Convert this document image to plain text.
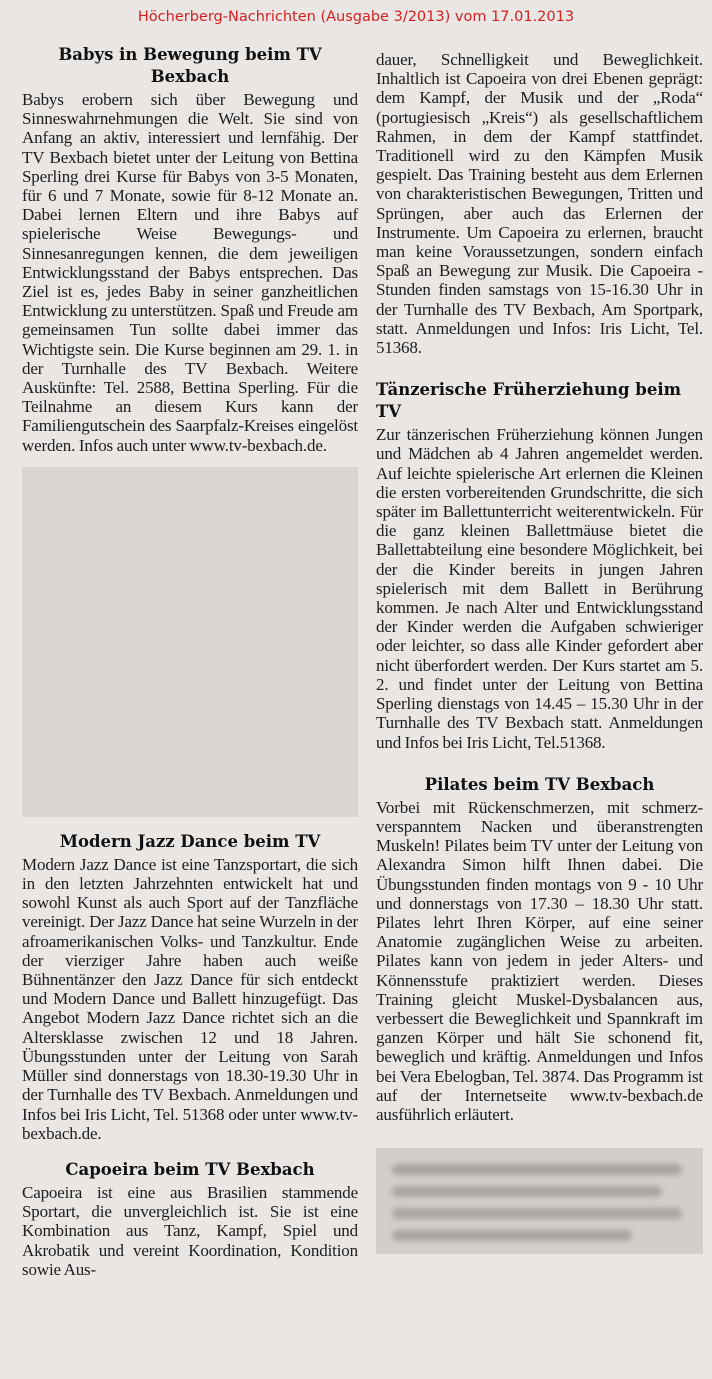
Höcherberg-Nachrichten (Ausgabe 3/2013) vom 17.01.2013
Babys in Bewegung beim TV Bexbach

Babys erobern sich über Bewegung und Sinneswahrnehmungen die Welt. Sie sind von Anfang an aktiv, interessiert und lernfähig. Der TV Bexbach bietet unter der Leitung von Bettina Sperling drei Kurse für Babys von 3-5 Monaten, für 6 und 7 Monate, sowie für 8-12 Monate an. Dabei lernen Eltern und ihre Babys auf spielerische Weise Bewegungs- und Sinnesanregungen kennen, die dem jeweiligen Entwicklungsstand der Babys entsprechen. Das Ziel ist es, jedes Baby in seiner ganzheitlichen Entwicklung zu unterstützen. Spaß und Freude am gemeinsamen Tun sollte dabei immer das Wichtigste sein. Die Kurse beginnen am 29. 1. in der Turnhalle des TV Bexbach. Weitere Auskünfte: Tel. 2588, Bettina Sperling. Für die Teilnahme an diesem Kurs kann der Familiengutschein des Saarpfalz-Kreises eingelöst werden. Infos auch unter www.tv-bexbach.de.

Modern Jazz Dance beim TV

Modern Jazz Dance ist eine Tanzsportart, die sich in den letzten Jahrzehnten entwickelt hat und sowohl Kunst als auch Sport auf der Tanzfläche vereinigt. Der Jazz Dance hat seine Wurzeln in der afroamerikanischen Volks- und Tanzkultur. Ende der vierziger Jahre haben auch weiße Bühnentänzer den Jazz Dance für sich entdeckt und Modern Dance und Ballett hinzugefügt. Das Angebot Modern Jazz Dance richtet sich an die Altersklasse zwischen 12 und 18 Jahren. Übungsstunden unter der Leitung von Sarah Müller sind donnerstags von 18.30-19.30 Uhr in der Turnhalle des TV Bexbach. Anmeldungen und Infos bei Iris Licht, Tel. 51368 oder unter www.tv-bexbach.de.

Capoeira beim TV Bexbach

Capoeira ist eine aus Brasilien stammende Sportart, die unvergleichlich ist. Sie ist eine Kombination aus Tanz, Kampf, Spiel und Akrobatik und vereint Koordination, Kondition sowie Aus-

dauer, Schnelligkeit und Beweglichkeit. Inhaltlich ist Capoeira von drei Ebenen geprägt: dem Kampf, der Musik und der „Roda“ (portugiesisch „Kreis“) als gesellschaftlichem Rahmen, in dem der Kampf stattfindet. Traditionell wird zu den Kämpfen Musik gespielt. Das Training besteht aus dem Erlernen von charakteristischen Bewegungen, Tritten und Sprüngen, aber auch das Erlernen der Instrumente. Um Capoeira zu erlernen, braucht man keine Voraussetzungen, sondern einfach Spaß an Bewegung zur Musik. Die Capoeira - Stunden finden samstags von 15-16.30 Uhr in der Turnhalle des TV Bexbach, Am Sportpark, statt. Anmeldungen und Infos: Iris Licht, Tel. 51368.

Tänzerische Früherziehung beim TV

Zur tänzerischen Früherziehung können Jungen und Mädchen ab 4 Jahren angemeldet werden. Auf leichte spielerische Art erlernen die Kleinen die ersten vorbereitenden Grundschritte, die sich später im Ballettunterricht weiterentwickeln. Für die ganz kleinen Ballettmäuse bietet die Ballettabteilung eine besondere Möglichkeit, bei der die Kinder bereits in jungen Jahren spielerisch mit dem Ballett in Berührung kommen. Je nach Alter und Entwicklungsstand der Kinder werden die Aufgaben schwieriger oder leichter, so dass alle Kinder gefordert aber nicht überfordert werden. Der Kurs startet am 5. 2. und findet unter der Leitung von Bettina Sperling dienstags von 14.45 – 15.30 Uhr in der Turnhalle des TV Bexbach statt. Anmeldungen und Infos bei Iris Licht, Tel.51368.

Pilates beim TV Bexbach

Vorbei mit Rückenschmerzen, mit schmerz-verspanntem Nacken und überanstrengten Muskeln! Pilates beim TV unter der Leitung von Alexandra Simon hilft Ihnen dabei. Die Übungsstunden finden montags von 9 - 10 Uhr und donnerstags von 17.30 – 18.30 Uhr statt. Pilates lehrt Ihren Körper, auf eine seiner Anatomie zugänglichen Weise zu arbeiten. Pilates kann von jedem in jeder Alters- und Könnensstufe praktiziert werden. Dieses Training gleicht Muskel-Dysbalancen aus, verbessert die Beweglichkeit und Spannkraft im ganzen Körper und hält Sie schonend fit, beweglich und kräftig. Anmeldungen und Infos bei Vera Ebelogban, Tel. 3874. Das Programm ist auf der Internetseite www.tv-bexbach.de ausführlich erläutert.
